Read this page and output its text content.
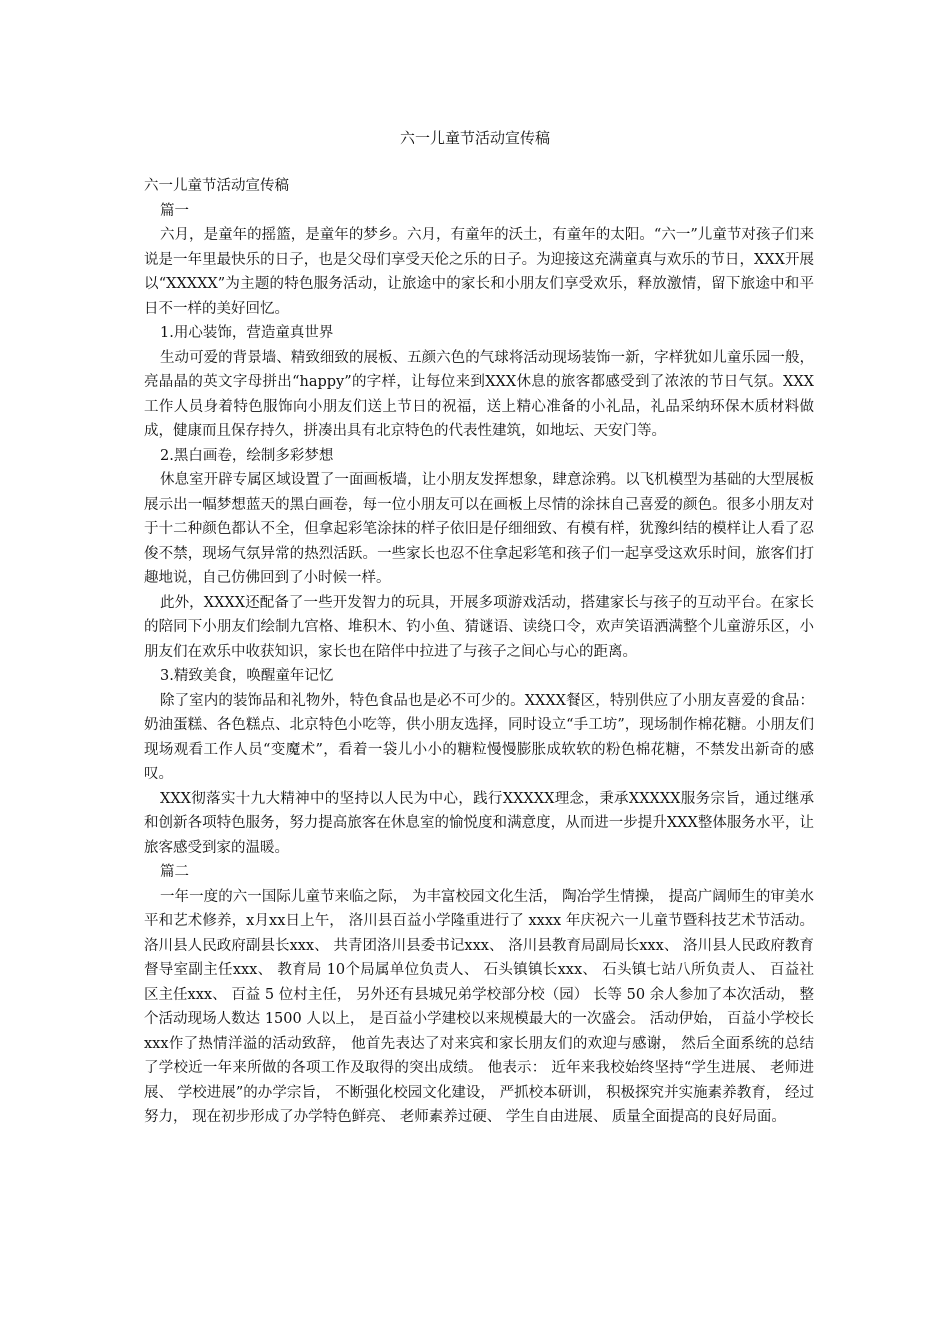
六一儿童节活动宣传稿

六一儿童节活动宣传稿

篇一

六月，是童年的摇篮，是童年的梦乡。六月，有童年的沃土，有童年的太阳。“六一”儿童节对孩子们来说是一年里最快乐的日子，也是父母们享受天伦之乐的日子。为迎接这充满童真与欢乐的节日，XXX开展以“XXXXX”为主题的特色服务活动，让旅途中的家长和小朋友们享受欢乐，释放激情，留下旅途中和平日不一样的美好回忆。

1.用心装饰，营造童真世界

生动可爱的背景墙、精致细致的展板、五颜六色的气球将活动现场装饰一新，字样犹如儿童乐园一般，亮晶晶的英文字母拼出“happy”的字样，让每位来到XXX休息的旅客都感受到了浓浓的节日气氛。XXX工作人员身着特色服饰向小朋友们送上节日的祝福，送上精心准备的小礼品，礼品采纳环保木质材料做成，健康而且保存持久，拼凑出具有北京特色的代表性建筑，如地坛、天安门等。

2.黑白画卷，绘制多彩梦想

休息室开辟专属区域设置了一面画板墙，让小朋友发挥想象，肆意涂鸦。以飞机模型为基础的大型展板展示出一幅梦想蓝天的黑白画卷，每一位小朋友可以在画板上尽情的涂抹自己喜爱的颜色。很多小朋友对于十二种颜色都认不全，但拿起彩笔涂抹的样子依旧是仔细细致、有模有样，犹豫纠结的模样让人看了忍俊不禁，现场气氛异常的热烈活跃。一些家长也忍不住拿起彩笔和孩子们一起享受这欢乐时间，旅客们打趣地说，自己仿佛回到了小时候一样。

此外，XXXX还配备了一些开发智力的玩具，开展多项游戏活动，搭建家长与孩子的互动平台。在家长的陪同下小朋友们绘制九宫格、堆积木、钓小鱼、猜谜语、读绕口令，欢声笑语洒满整个儿童游乐区，小朋友们在欢乐中收获知识，家长也在陪伴中拉进了与孩子之间心与心的距离。

3.精致美食，唤醒童年记忆

除了室内的装饰品和礼物外，特色食品也是必不可少的。XXXX餐区，特别供应了小朋友喜爱的食品：奶油蛋糕、各色糕点、北京特色小吃等，供小朋友选择，同时设立“手工坊”，现场制作棉花糖。小朋友们现场观看工作人员“变魔术”，看着一袋儿小小的糖粒慢慢膨胀成软软的粉色棉花糖，不禁发出新奇的感叹。

XXX彻落实十九大精神中的坚持以人民为中心，践行XXXXX理念，秉承XXXXX服务宗旨，通过继承和创新各项特色服务，努力提高旅客在休息室的愉悦度和满意度，从而进一步提升XXX整体服务水平，让旅客感受到家的温暖。

篇二

一年一度的六一国际儿童节来临之际， 为丰富校园文化生活， 陶冶学生情操， 提高广阔师生的审美水平和艺术修养，x月xx日上午， 洛川县百益小学隆重进行了 xxxx 年庆祝六一儿童节暨科技艺术节活动。 洛川县人民政府副县长xxx、 共青团洛川县委书记xxx、 洛川县教育局副局长xxx、 洛川县人民政府教育督导室副主任xxx、 教育局 10个局属单位负责人、 石头镇镇长xxx、 石头镇七站八所负责人、 百益社区主任xxx、 百益 5 位村主任， 另外还有县城兄弟学校部分校（园） 长等 50 余人参加了本次活动， 整个活动现场人数达 1500 人以上， 是百益小学建校以来规模最大的一次盛会。 活动伊始， 百益小学校长xxx作了热情洋溢的活动致辞， 他首先表达了对来宾和家长朋友们的欢迎与感谢， 然后全面系统的总结了学校近一年来所做的各项工作及取得的突出成绩。 他表示： 近年来我校始终坚持“学生进展、 老师进展、 学校进展”的办学宗旨， 不断强化校园文化建设， 严抓校本研训， 积极探究并实施素养教育， 经过努力， 现在初步形成了办学特色鲜亮、 老师素养过硬、 学生自由进展、 质量全面提高的良好局面。
